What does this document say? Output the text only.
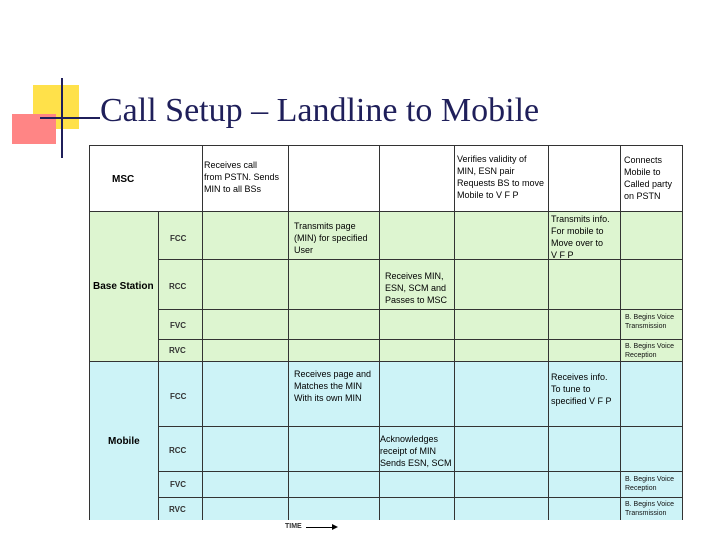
Call Setup – Landline to Mobile
MSC
Base Station
Mobile
FCC
RCC
FVC
RVC
FCC
RCC
FVC
RVC
Receives call
from PSTN. Sends
MIN to all BSs
Verifies validity of
MIN, ESN pair
Requests BS to move
Mobile to V F P
Connects
Mobile to
Called party
on PSTN
Transmits page
(MIN) for specified
User
Transmits info.
For mobile to
Move over to
V F P
Receives MIN,
ESN, SCM and
Passes to MSC
B. Begins Voice
Transmission
B. Begins Voice
Reception
Receives page and
Matches the MIN
With its own MIN
Receives info.
To tune to
specified V F P
Acknowledges
receipt of MIN
Sends ESN, SCM
B. Begins Voice
Reception
B. Begins Voice
Transmission
TIME
